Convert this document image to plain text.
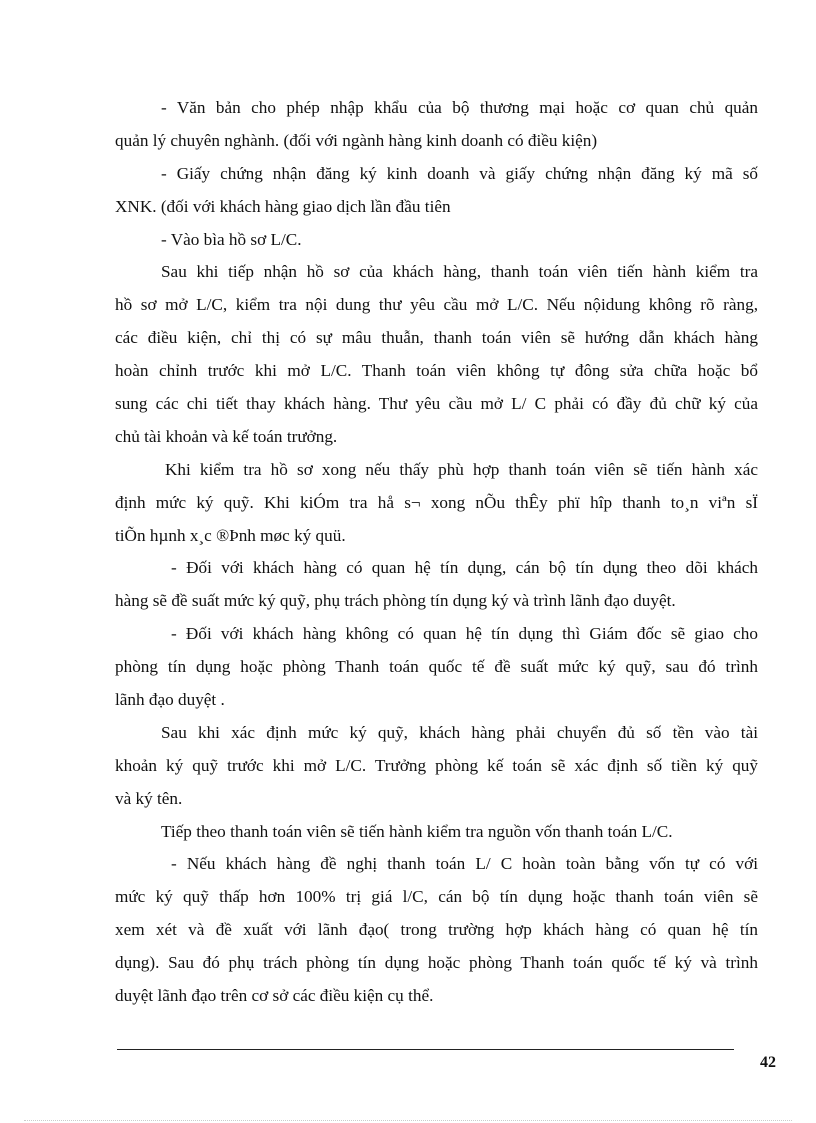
- Văn bản cho phép nhập khẩu của bộ thương mại hoặc cơ quan chủ quản
quản lý chuyên nghành. (đối với ngành hàng kinh doanh có điều kiện)
- Giấy chứng nhận đăng ký kinh doanh và giấy chứng nhận đăng ký mã số
XNK. (đối với khách hàng giao dịch lần đầu tiên
- Vào bìa hồ sơ L/C.
Sau khi tiếp nhận hồ sơ của khách hàng, thanh toán viên tiến hành kiểm tra
hồ sơ mở L/C, kiểm tra nội dung thư yêu cầu mở L/C. Nếu nộidung không rõ ràng,
các điều kiện, chỉ thị có sự mâu thuẫn, thanh toán viên sẽ hướng dẫn khách hàng
hoàn chỉnh trước khi mở L/C. Thanh toán viên không tự đông sửa chữa hoặc bổ
sung các chi tiết thay khách hàng. Thư yêu cầu mở L/ C phải có đầy đủ chữ ký của
chủ tài khoản và kế toán trưởng.
Khi kiểm tra hồ sơ xong nếu thấy phù hợp thanh toán viên sẽ tiến hành xác
định mức ký quỹ. Khi kiÓm tra hå s¬ xong nÕu thÊy phï hîp thanh to¸n viªn sÏ
tiÕn hµnh x¸c ®Þnh møc ký quü.
- Đối với khách hàng có quan hệ tín dụng, cán bộ tín dụng theo dõi khách
hàng sẽ đề suất mức ký quỹ, phụ trách phòng tín dụng ký và trình lãnh đạo duyệt.
- Đối với khách hàng không có quan hệ tín dụng thì Giám đốc sẽ giao cho
phòng tín dụng hoặc phòng Thanh toán quốc tế đề suất mức ký quỹ, sau đó trình
lãnh đạo duyệt .
Sau khi xác định mức ký quỹ, khách hàng phải chuyển đủ số tền vào tài
khoản ký quỹ trước khi mở L/C. Trưởng phòng kế toán sẽ xác định số tiền ký quỹ
và ký tên.
Tiếp theo thanh toán viên sẽ tiến hành kiểm tra nguồn vốn thanh toán L/C.
- Nếu khách hàng đề nghị thanh toán L/ C hoàn toàn bằng vốn tự có với
mức ký quỹ thấp hơn 100% trị giá l/C, cán bộ tín dụng hoặc thanh toán viên sẽ
xem xét và đề xuất với lãnh đạo( trong trường hợp khách hàng có quan hệ tín
dụng). Sau đó phụ trách phòng tín dụng hoặc phòng Thanh toán quốc tế ký và trình
duyệt lãnh đạo trên cơ sở các điều kiện cụ thể.
42
